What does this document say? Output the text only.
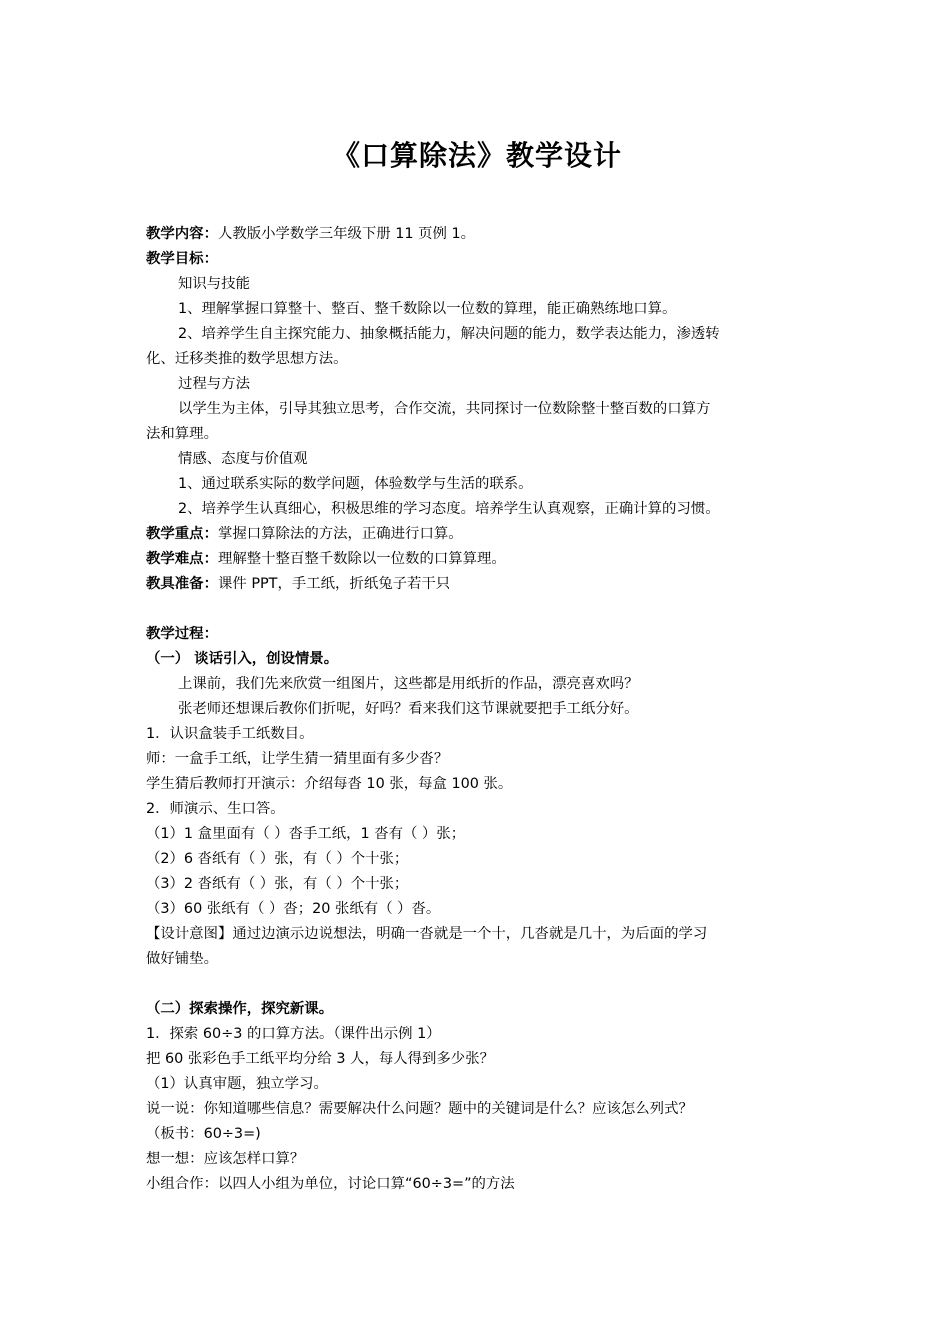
《口算除法》教学设计
教学内容：人教版小学数学三年级下册 11 页例 1。
教学目标：
知识与技能
1、理解掌握口算整十、整百、整千数除以一位数的算理，能正确熟练地口算。
2、培养学生自主探究能力、抽象概括能力，解决问题的能力，数学表达能力，渗透转
化、迁移类推的数学思想方法。
过程与方法
以学生为主体，引导其独立思考，合作交流，共同探讨一位数除整十整百数的口算方
法和算理。
情感、态度与价值观
1、通过联系实际的数学问题，体验数学与生活的联系。
2、培养学生认真细心，积极思维的学习态度。培养学生认真观察，正确计算的习惯。
教学重点：掌握口算除法的方法，正确进行口算。
教学难点：理解整十整百整千数除以一位数的口算算理。
教具准备：课件 PPT，手工纸，折纸兔子若干只
教学过程：
（一） 谈话引入，创设情景。
上课前，我们先来欣赏一组图片，这些都是用纸折的作品，漂亮喜欢吗？
张老师还想课后教你们折呢，好吗？看来我们这节课就要把手工纸分好。
1．认识盒装手工纸数目。
师：一盒手工纸，让学生猜一猜里面有多少沓？
学生猜后教师打开演示：介绍每沓 10 张，每盒 100 张。
2．师演示、生口答。
（1）1 盒里面有（ ）沓手工纸，1 沓有（ ）张；
（2）6 沓纸有（ ）张，有（ ）个十张；
（3）2 沓纸有（ ）张，有（ ）个十张；
（3）60 张纸有（ ）沓；20 张纸有（ ）沓。
【设计意图】通过边演示边说想法，明确一沓就是一个十，几沓就是几十，为后面的学习
做好铺垫。
（二）探索操作，探究新课。
1．探索 60÷3 的口算方法。（课件出示例 1）
把 60 张彩色手工纸平均分给 3 人，每人得到多少张？
（1）认真审题，独立学习。
说一说：你知道哪些信息？需要解决什么问题？题中的关键词是什么？应该怎么列式？
（板书：60÷3=)
想一想：应该怎样口算？
小组合作：以四人小组为单位，讨论口算“60÷3=”的方法
